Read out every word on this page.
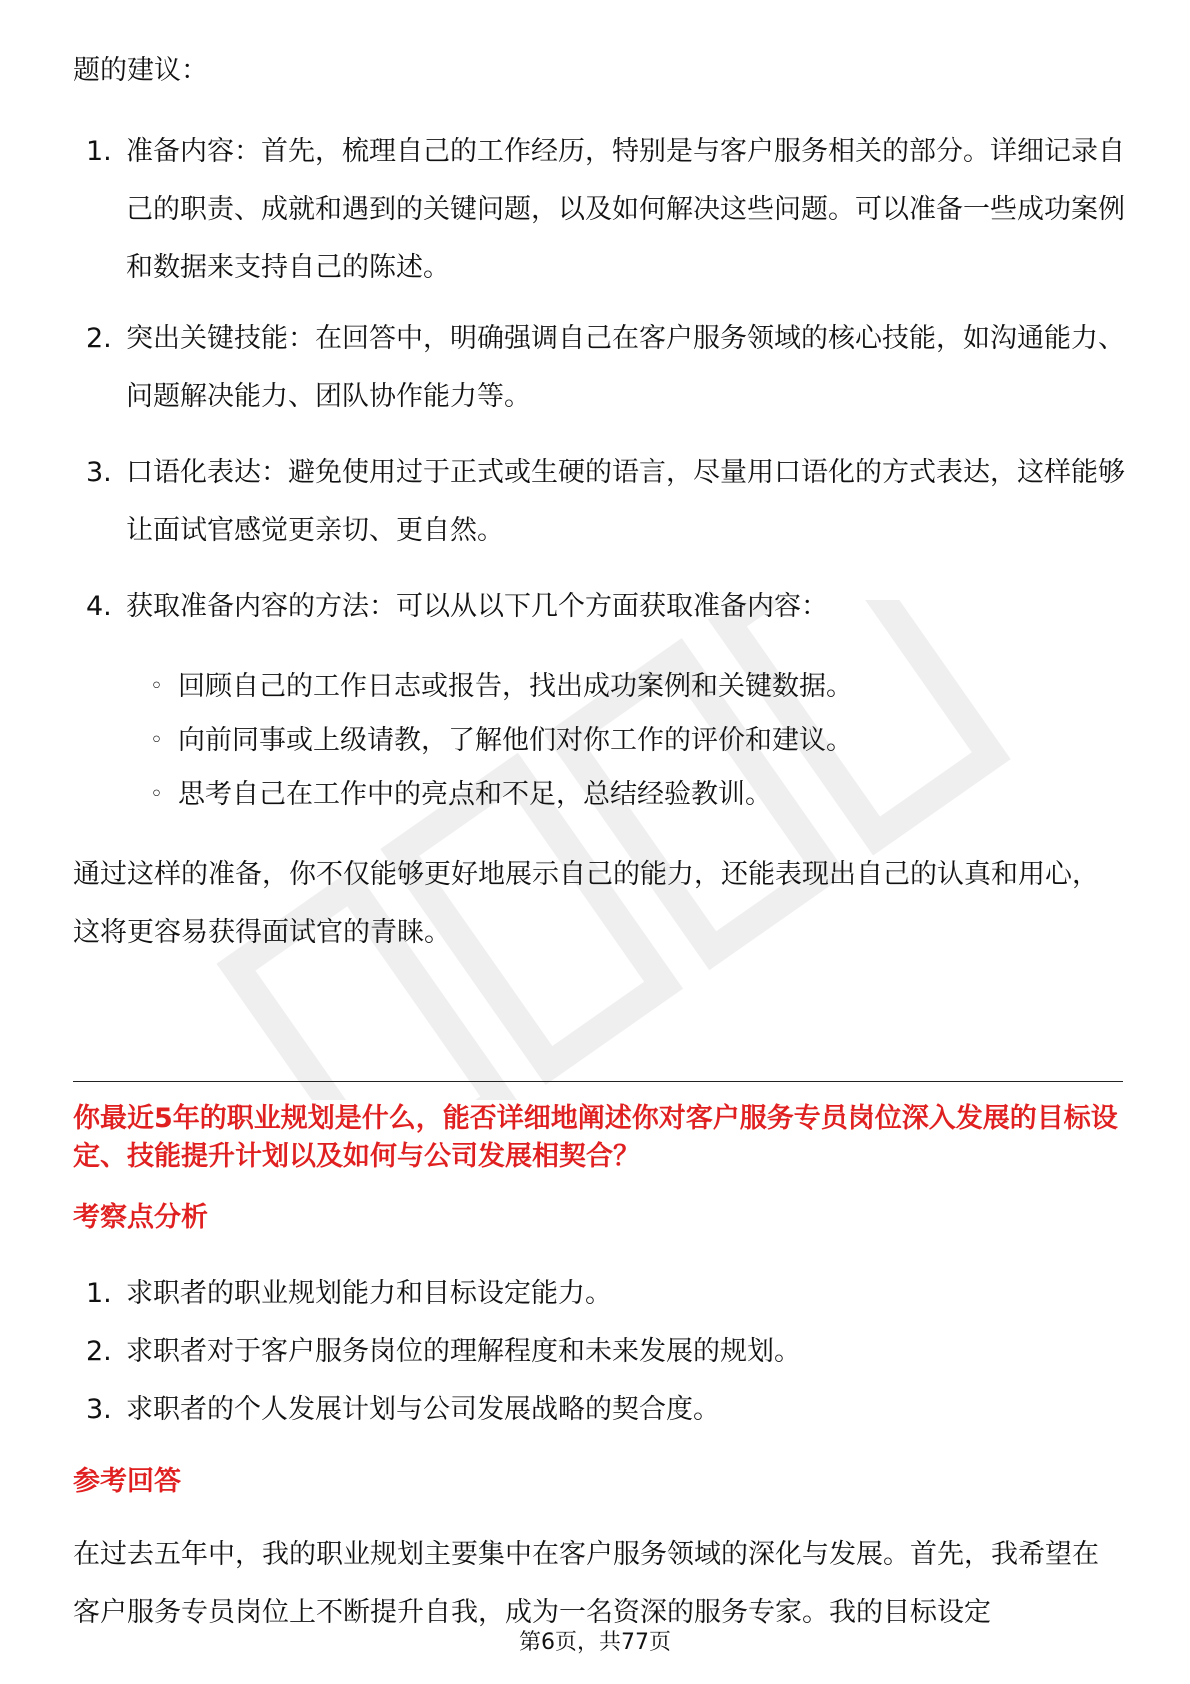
题的建议：

1. 准备内容：首先，梳理自己的工作经历，特别是与客户服务相关的部分。详细记录自己的职责、成就和遇到的关键问题，以及如何解决这些问题。可以准备一些成功案例和数据来支持自己的陈述。
2. 突出关键技能：在回答中，明确强调自己在客户服务领域的核心技能，如沟通能力、问题解决能力、团队协作能力等。
3. 口语化表达：避免使用过于正式或生硬的语言，尽量用口语化的方式表达，这样能够让面试官感觉更亲切、更自然。
4. 获取准备内容的方法：可以从以下几个方面获取准备内容：
◦ 回顾自己的工作日志或报告，找出成功案例和关键数据。
◦ 向前同事或上级请教，了解他们对你工作的评价和建议。
◦ 思考自己在工作中的亮点和不足，总结经验教训。

通过这样的准备，你不仅能够更好地展示自己的能力，还能表现出自己的认真和用心，这将更容易获得面试官的青睐。

你最近5年的职业规划是什么，能否详细地阐述你对客户服务专员岗位深入发展的目标设定、技能提升计划以及如何与公司发展相契合？
考察点分析
1. 求职者的职业规划能力和目标设定能力。
2. 求职者对于客户服务岗位的理解程度和未来发展的规划。
3. 求职者的个人发展计划与公司发展战略的契合度。
参考回答

在过去五年中，我的职业规划主要集中在客户服务领域的深化与发展。首先，我希望在客户服务专员岗位上不断提升自我，成为一名资深的服务专家。我的目标设定

第6页，共77页
